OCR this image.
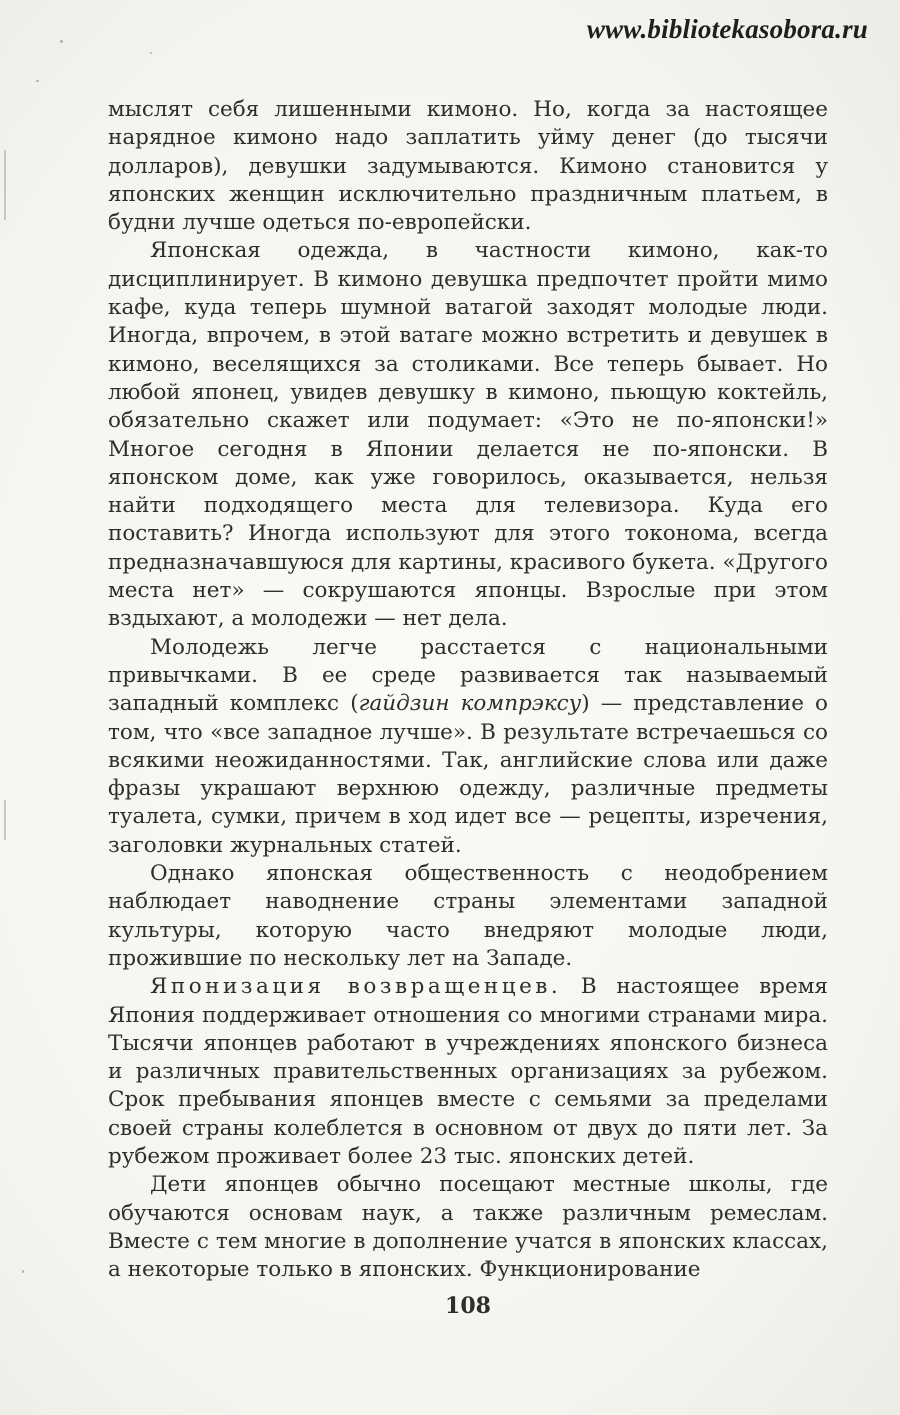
www.bibliotekasobora.ru

мыслят себя лишенными кимоно. Но, когда за настоящее нарядное кимоно надо заплатить уйму денег (до тысячи долларов), девушки задумываются. Кимоно становится у японских женщин исключительно праздничным платьем, в будни лучше одеться по-европейски.

Японская одежда, в частности кимоно, как-то дисциплинирует. В кимоно девушка предпочтет пройти мимо кафе, куда теперь шумной ватагой заходят молодые люди. Иногда, впрочем, в этой ватаге можно встретить и девушек в кимоно, веселящихся за столиками. Все теперь бывает. Но любой японец, увидев девушку в кимоно, пьющую коктейль, обязательно скажет или подумает: «Это не по-японски!» Многое сегодня в Японии делается не по-японски. В японском доме, как уже говорилось, оказывается, нельзя найти подходящего места для телевизора. Куда его поставить? Иногда используют для этого токонома, всегда предназначавшуюся для картины, красивого букета. «Другого места нет» — сокрушаются японцы. Взрослые при этом вздыхают, а молодежи — нет дела.

Молодежь легче расстается с национальными привычками. В ее среде развивается так называемый западный комплекс (гайдзин компрэксу) — представление о том, что «все западное лучше». В результате встречаешься со всякими неожиданностями. Так, английские слова или даже фразы украшают верхнюю одежду, различные предметы туалета, сумки, причем в ход идет все — рецепты, изречения, заголовки журнальных статей.

Однако японская общественность с неодобрением наблюдает наводнение страны элементами западной культуры, которую часто внедряют молодые люди, прожившие по нескольку лет на Западе.

Японизация возвращенцев. В настоящее время Япония поддерживает отношения со многими странами мира. Тысячи японцев работают в учреждениях японского бизнеса и различных правительственных организациях за рубежом. Срок пребывания японцев вместе с семьями за пределами своей страны колеблется в основном от двух до пяти лет. За рубежом проживает более 23 тыс. японских детей.

Дети японцев обычно посещают местные школы, где обучаются основам наук, а также различным ремеслам. Вместе с тем многие в дополнение учатся в японских классах, а некоторые только в японских. Функционирование

108
